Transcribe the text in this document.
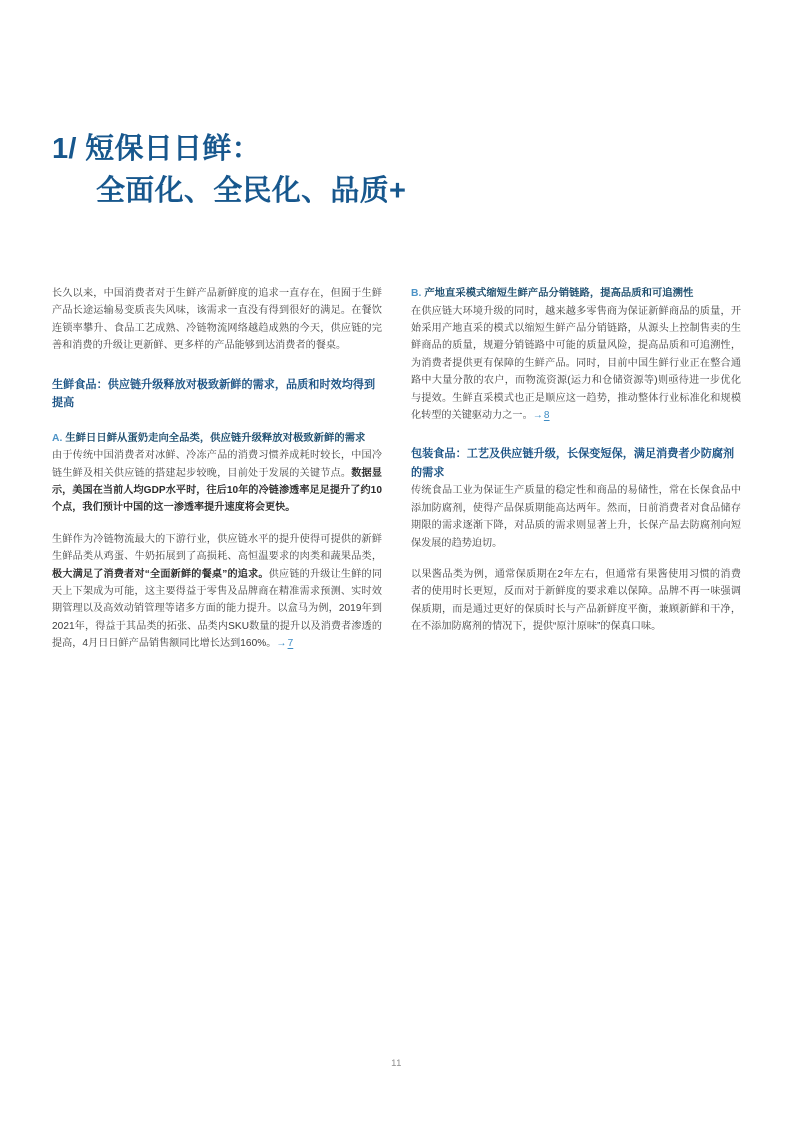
1/ 短保日日鲜：
全面化、全民化、品质+

长久以来，中国消费者对于生鲜产品新鲜度的追求一直存在，但囿于生鲜产品长途运输易变质丧失风味，该需求一直没有得到很好的满足。在餐饮连锁率攀升、食品工艺成熟、冷链物流网络越趋成熟的今天，供应链的完善和消费的升级让更新鲜、更多样的产品能够到达消费者的餐桌。

生鲜食品：供应链升级释放对极致新鲜的需求，品质和时效均得到提高
A. 生鲜日日鲜从蛋奶走向全品类，供应链升级释放对极致新鲜的需求

由于传统中国消费者对冰鲜、冷冻产品的消费习惯养成耗时较长，中国冷链生鲜及相关供应链的搭建起步较晚，目前处于发展的关键节点。数据显示，美国在当前人均GDP水平时，往后10年的冷链渗透率足足提升了约10个点，我们预计中国的这一渗透率提升速度将会更快。

生鲜作为冷链物流最大的下游行业，供应链水平的提升使得可提供的新鲜生鲜品类从鸡蛋、牛奶拓展到了高损耗、高恒温要求的肉类和蔬果品类，极大满足了消费者对“全面新鲜的餐桌”的追求。供应链的升级让生鲜的同天上下架成为可能，这主要得益于零售及品牌商在精准需求预测、实时效期管理以及高效动销管理等诸多方面的能力提升。以盒马为例，2019年到2021年，得益于其品类的拓张、品类内SKU数量的提升以及消费者渗透的提高，4月日日鲜产品销售额同比增长达到160%。→7

B. 产地直采模式缩短生鲜产品分销链路，提高品质和可追溯性

在供应链大环境升级的同时，越来越多零售商为保证新鲜商品的质量，开始采用产地直采的模式以缩短生鲜产品分销链路，从源头上控制售卖的生鲜商品的质量，规避分销链路中可能的质量风险，提高品质和可追溯性，为消费者提供更有保障的生鲜产品。同时，目前中国生鲜行业正在整合通路中大量分散的农户，而物流资源(运力和仓储资源等)则亟待进一步优化与提效。生鲜直采模式也正是顺应这一趋势，推动整体行业标准化和规模化转型的关键驱动力之一。→8

包装食品：工艺及供应链升级，长保变短保，满足消费者少防腐剂的需求

传统食品工业为保证生产质量的稳定性和商品的易储性，常在长保食品中添加防腐剂，使得产品保质期能高达两年。然而，日前消费者对食品储存期限的需求逐渐下降，对品质的需求则显著上升，长保产品去防腐剂向短保发展的趋势迫切。

以果酱品类为例，通常保质期在2年左右，但通常有果酱使用习惯的消费者的使用时长更短，反而对于新鲜度的要求难以保障。品牌不再一味强调保质期，而是通过更好的保质时长与产品新鲜度平衡，兼顾新鲜和干净，在不添加防腐剂的情况下，提供“原汁原味”的保真口味。

11
